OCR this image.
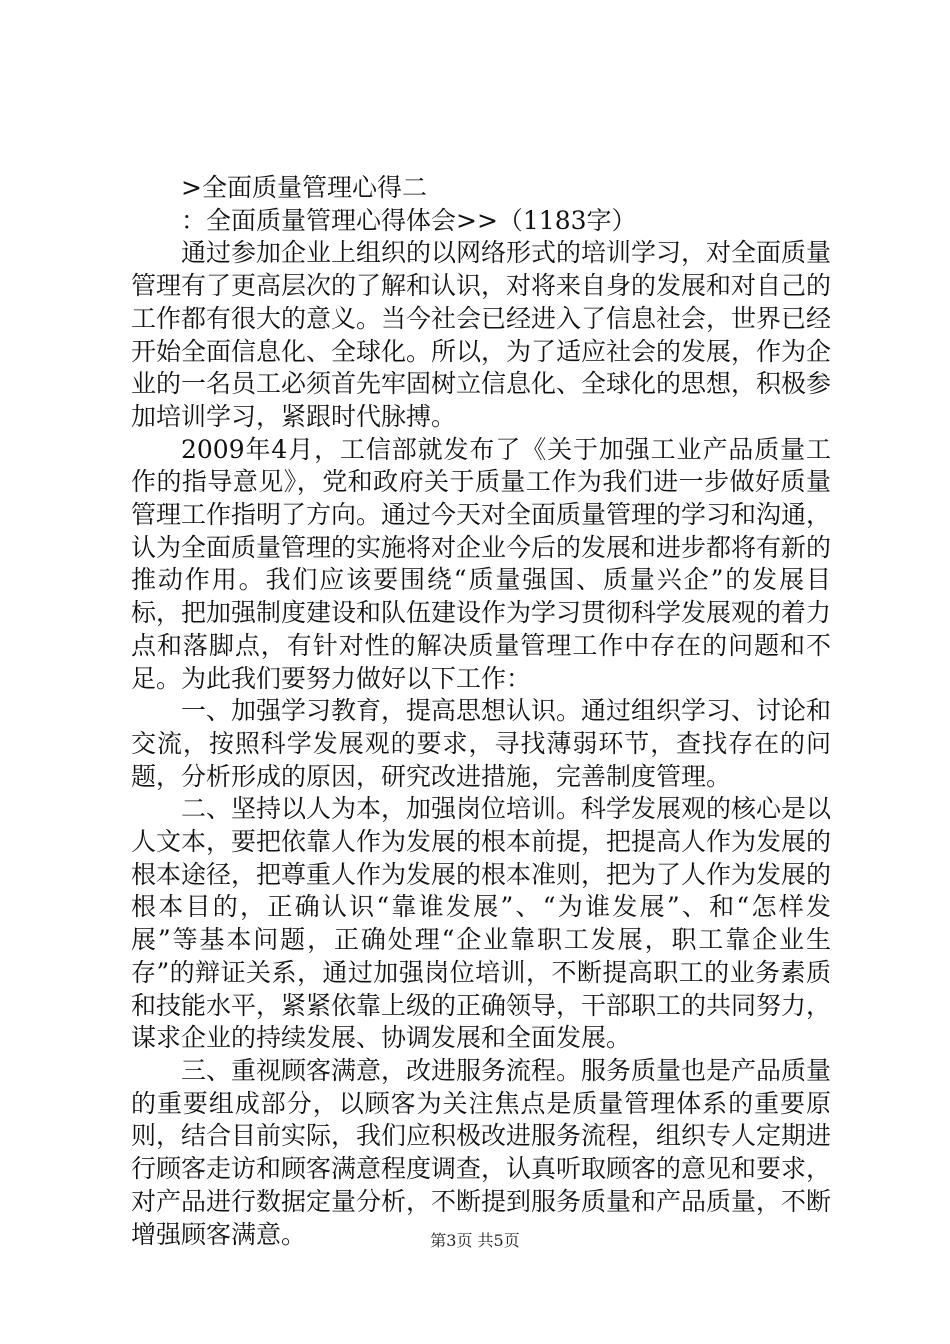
>全面质量管理心得二

：全面质量管理心得体会>>（1183字）

通过参加企业上组织的以网络形式的培训学习，对全面质量管理有了更高层次的了解和认识，对将来自身的发展和对自己的工作都有很大的意义。当今社会已经进入了信息社会，世界已经开始全面信息化、全球化。所以，为了适应社会的发展，作为企业的一名员工必须首先牢固树立信息化、全球化的思想，积极参加培训学习，紧跟时代脉搏。

2009年4月，工信部就发布了《关于加强工业产品质量工作的指导意见》，党和政府关于质量工作为我们进一步做好质量管理工作指明了方向。通过今天对全面质量管理的学习和沟通，认为全面质量管理的实施将对企业今后的发展和进步都将有新的推动作用。我们应该要围绕“质量强国、质量兴企”的发展目标，把加强制度建设和队伍建设作为学习贯彻科学发展观的着力点和落脚点，有针对性的解决质量管理工作中存在的问题和不足。为此我们要努力做好以下工作：

一、加强学习教育，提高思想认识。通过组织学习、讨论和交流，按照科学发展观的要求，寻找薄弱环节，查找存在的问题，分析形成的原因，研究改进措施，完善制度管理。

二、坚持以人为本，加强岗位培训。科学发展观的核心是以人文本，要把依靠人作为发展的根本前提，把提高人作为发展的根本途径，把尊重人作为发展的根本准则，把为了人作为发展的根本目的，正确认识“靠谁发展”、“为谁发展”、和“怎样发展”等基本问题，正确处理“企业靠职工发展，职工靠企业生存”的辩证关系，通过加强岗位培训，不断提高职工的业务素质和技能水平，紧紧依靠上级的正确领导，干部职工的共同努力，谋求企业的持续发展、协调发展和全面发展。

三、重视顾客满意，改进服务流程。服务质量也是产品质量的重要组成部分，以顾客为关注焦点是质量管理体系的重要原则，结合目前实际，我们应积极改进服务流程，组织专人定期进行顾客走访和顾客满意程度调查，认真听取顾客的意见和要求，对产品进行数据定量分析，不断提到服务质量和产品质量，不断增强顾客满意。	第3页 共5页
